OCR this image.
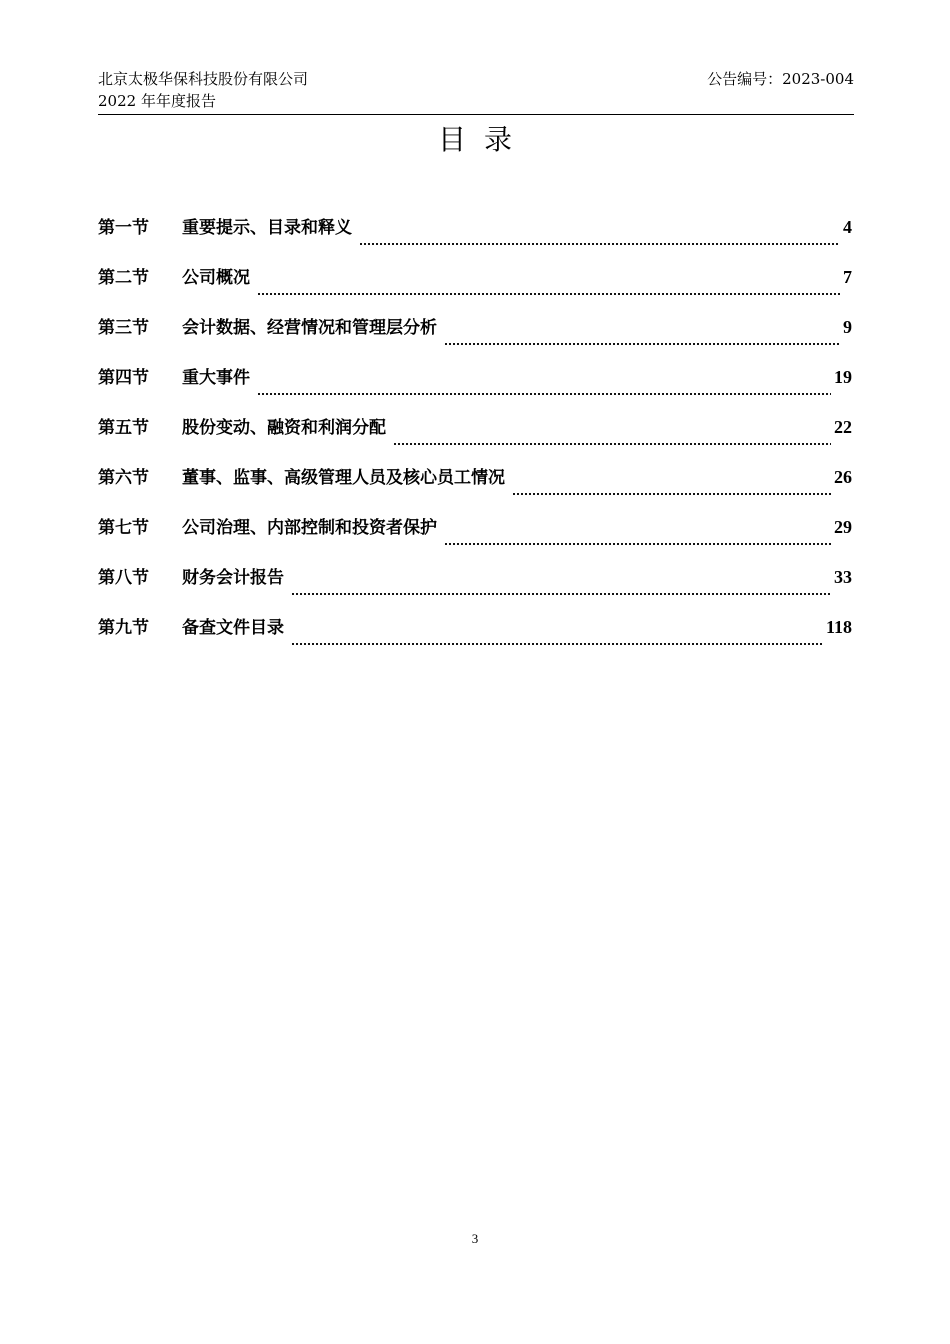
北京太极华保科技股份有限公司
2022 年年度报告
公告编号：2023-004
目录
第一节	重要提示、目录和释义	4
第二节	公司概况	7
第三节	会计数据、经营情况和管理层分析	9
第四节	重大事件	19
第五节	股份变动、融资和利润分配	22
第六节	董事、监事、高级管理人员及核心员工情况	26
第七节	公司治理、内部控制和投资者保护	29
第八节	财务会计报告	33
第九节	备查文件目录	118
3
